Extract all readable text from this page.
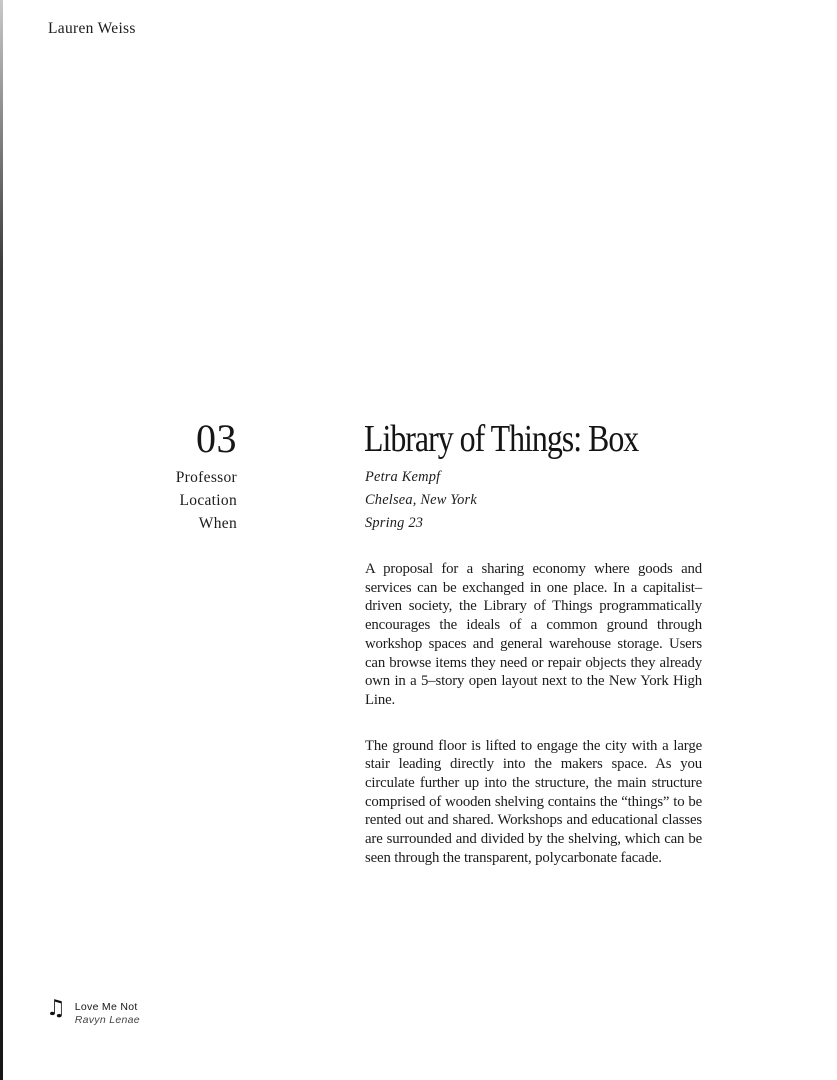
Lauren Weiss
03
Professor
Location
When
Library of Things: Box
Petra Kempf
Chelsea, New York
Spring 23

A proposal for a sharing economy where goods and services can be exchanged in one place. In a capitalist–driven society, the Library of Things programmatically encourages the ideals of a common ground through workshop spaces and general warehouse storage. Users can browse items they need or repair objects they already own in a 5–story open layout next to the New York High Line.

The ground floor is lifted to engage the city with a large stair leading directly into the makers space. As you circulate further up into the structure, the main structure comprised of wooden shelving contains the “things” to be rented out and shared. Workshops and educational classes are surrounded and divided by the shelving, which can be seen through the transparent, polycarbonate facade.

♫ Love Me Not
Ravyn Lenae
